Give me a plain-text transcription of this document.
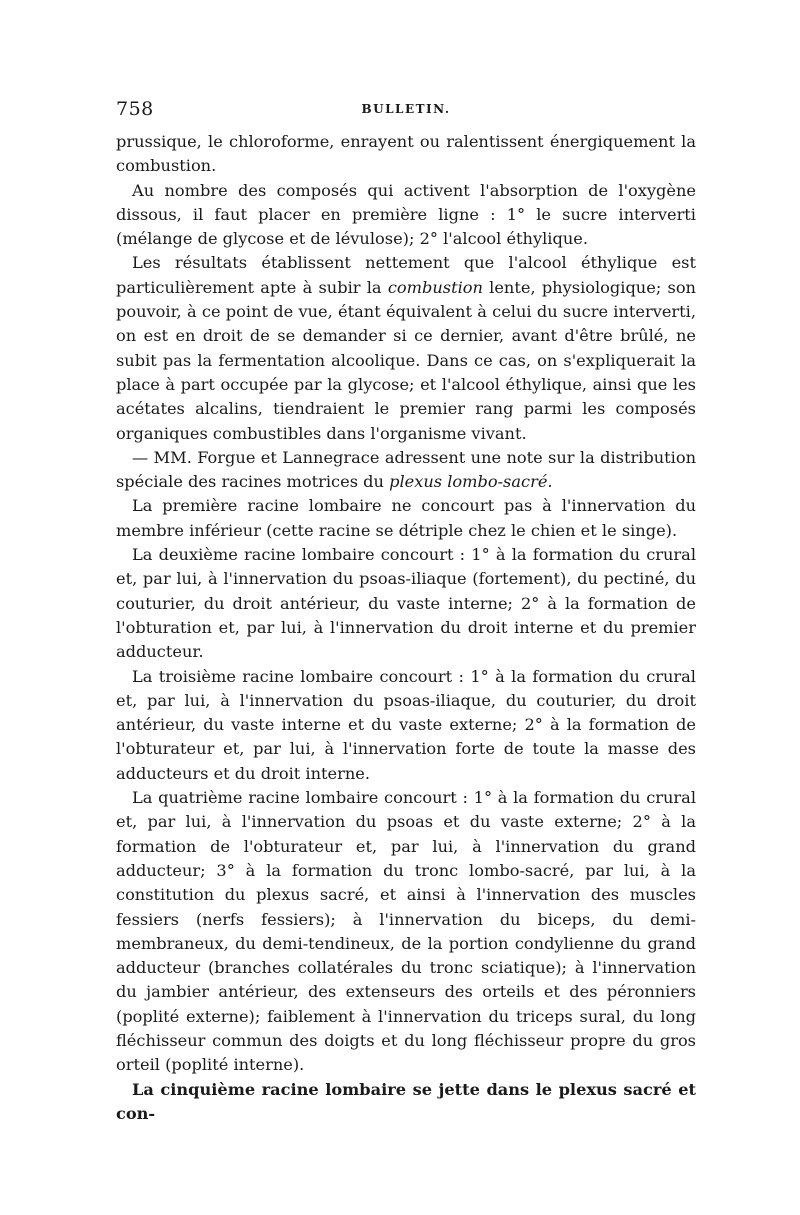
758	BULLETIN.

prussique, le chloroforme, enrayent ou ralentissent énergiquement la combustion.

Au nombre des composés qui activent l'absorption de l'oxygène dissous, il faut placer en première ligne : 1° le sucre interverti (mélange de glycose et de lévulose); 2° l'alcool éthylique.

Les résultats établissent nettement que l'alcool éthylique est particulièrement apte à subir la combustion lente, physiologique; son pouvoir, à ce point de vue, étant équivalent à celui du sucre interverti, on est en droit de se demander si ce dernier, avant d'être brûlé, ne subit pas la fermentation alcoolique. Dans ce cas, on s'expliquerait la place à part occupée par la glycose; et l'alcool éthylique, ainsi que les acétates alcalins, tiendraient le premier rang parmi les composés organiques combustibles dans l'organisme vivant.

— MM. Forgue et Lannegrace adressent une note sur la distribution spéciale des racines motrices du plexus lombo-sacré.

La première racine lombaire ne concourt pas à l'innervation du membre inférieur (cette racine se détriple chez le chien et le singe).

La deuxième racine lombaire concourt : 1° à la formation du crural et, par lui, à l'innervation du psoas-iliaque (fortement), du pectiné, du couturier, du droit antérieur, du vaste interne; 2° à la formation de l'obturation et, par lui, à l'innervation du droit interne et du premier adducteur.

La troisième racine lombaire concourt : 1° à la formation du crural et, par lui, à l'innervation du psoas-iliaque, du couturier, du droit antérieur, du vaste interne et du vaste externe; 2° à la formation de l'obturateur et, par lui, à l'innervation forte de toute la masse des adducteurs et du droit interne.

La quatrième racine lombaire concourt : 1° à la formation du crural et, par lui, à l'innervation du psoas et du vaste externe; 2° à la formation de l'obturateur et, par lui, à l'innervation du grand adducteur; 3° à la formation du tronc lombo-sacré, par lui, à la constitution du plexus sacré, et ainsi à l'innervation des muscles fessiers (nerfs fessiers); à l'innervation du biceps, du demi-membraneux, du demi-tendineux, de la portion condylienne du grand adducteur (branches collatérales du tronc sciatique); à l'innervation du jambier antérieur, des extenseurs des orteils et des péronniers (poplité externe); faiblement à l'innervation du triceps sural, du long fléchisseur commun des doigts et du long fléchisseur propre du gros orteil (poplité interne).

La cinquième racine lombaire se jette dans le plexus sacré et con-
